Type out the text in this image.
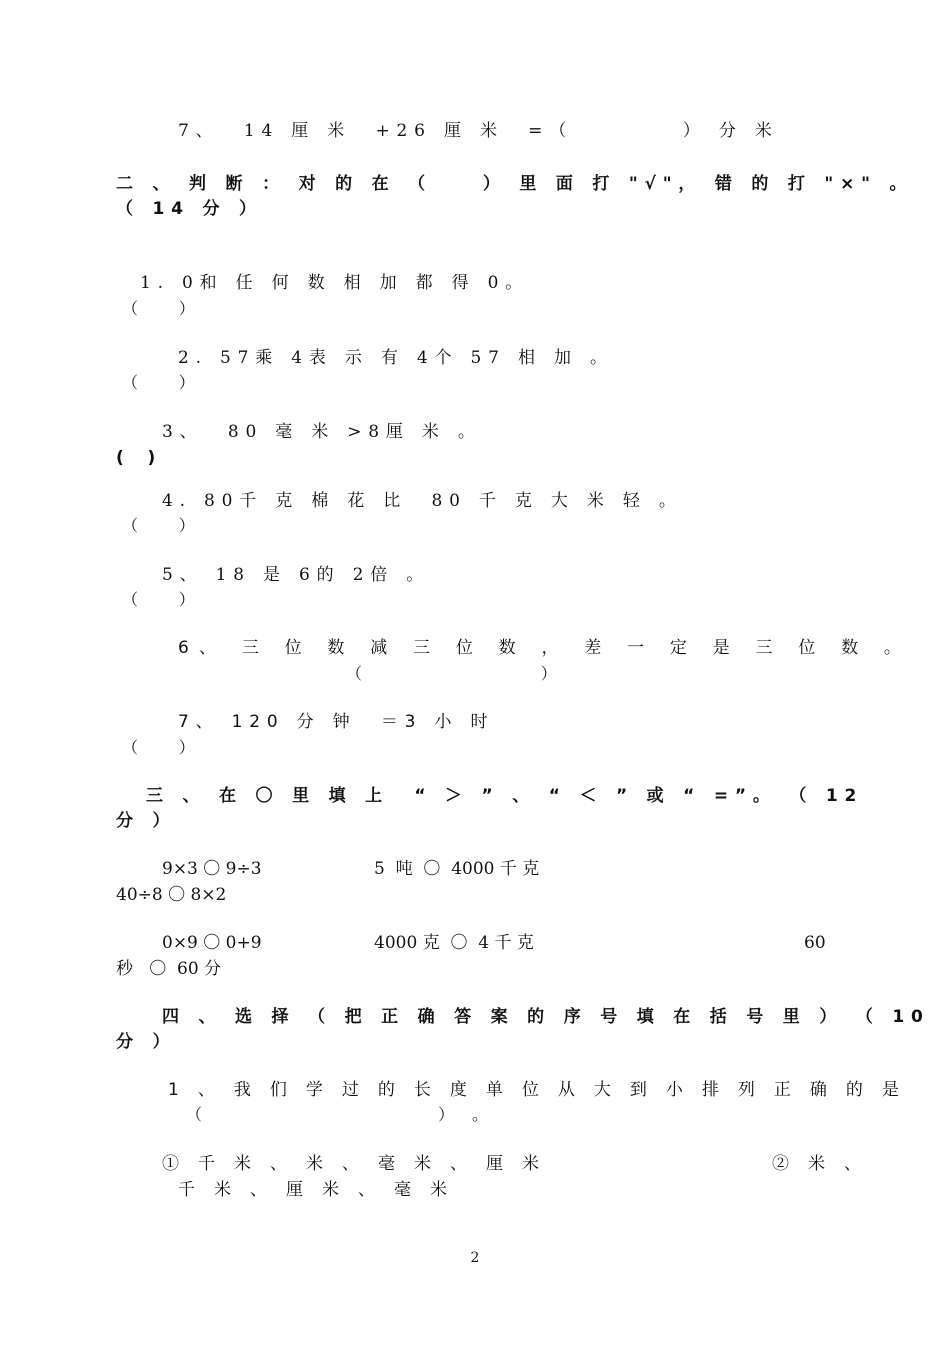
7、  14 厘 米  +26 厘 米  =（         ） 分 米
二 、 判 断 ： 对 的 在 （    ） 里 面 打 "√"， 错 的 打 "×" 。
（ 14 分 ）
1. 0和 任 何 数 相 加 都 得 0。
（        ）
2. 57乘 4表 示 有 4个 57 相 加 。
（        ）
3、  80 毫 米 >8厘 米 。
(    )
4. 80千 克 棉 花 比  80 千 克 大 米 轻 。
（        ）
5、 18 是 6的 2倍 。
（        ）
6、 三 位 数 减 三 位 数 ， 差 一 定 是 三 位 数 。
（               ）
7、 120 分 钟  ＝3 小 时
（        ）
三 、 在 〇 里 填 上  “ ＞ ” 、 “ ＜ ” 或 “ =”。 （ 12
分 ）
9×3 〇 9÷3	5  吨  〇  4000 千 克
40÷8 〇 8×2
0×9 〇 0+9	4000 克  〇  4 千 克	60
秒   〇  60 分
四 、 选 择 （ 把 正 确 答 案 的 序 号 填 在 括 号 里 ） （ 10
分 ）
1 、 我 们 学 过 的 长 度 单 位 从 大 到 小 排 列 正 确 的 是
（                    ） 。
① 千 米 、 米 、 毫 米 、 厘 米	② 米 、
千 米 、 厘 米 、 毫 米
2
